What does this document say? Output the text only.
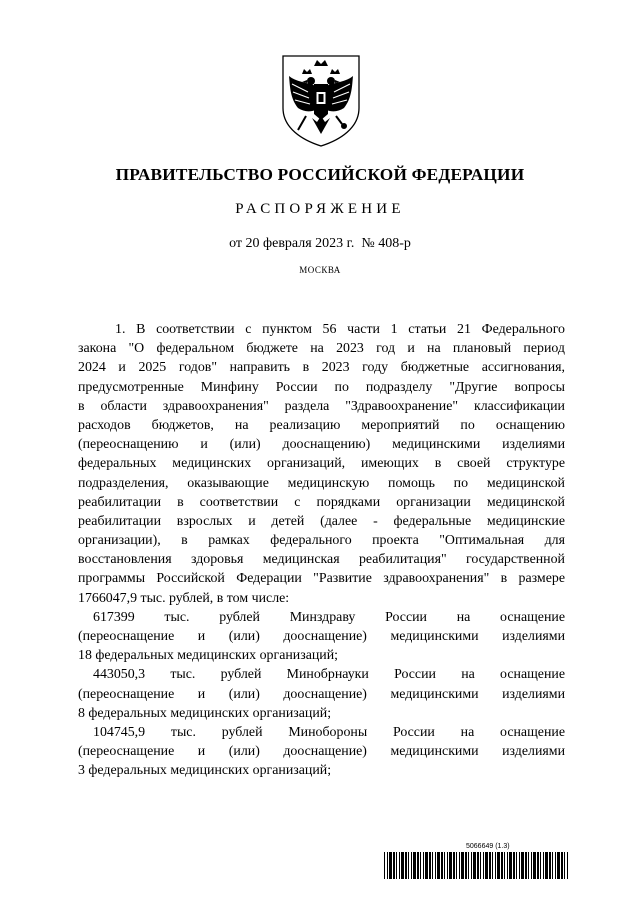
ПРАВИТЕЛЬСТВО РОССИЙСКОЙ ФЕДЕРАЦИИ
РАСПОРЯЖЕНИЕ
от 20 февраля 2023 г. № 408-р
МОСКВА
1. В соответствии с пунктом 56 части 1 статьи 21 Федерального
закона "О федеральном бюджете на 2023 год и на плановый период
2024 и 2025 годов" направить в 2023 году бюджетные ассигнования,
предусмотренные Минфину России по подразделу "Другие вопросы
в области здравоохранения" раздела "Здравоохранение" классификации
расходов бюджетов, на реализацию мероприятий по оснащению
(переоснащению и (или) дооснащению) медицинскими изделиями
федеральных медицинских организаций, имеющих в своей структуре
подразделения, оказывающие медицинскую помощь по медицинской
реабилитации в соответствии с порядками организации медицинской
реабилитации взрослых и детей (далее - федеральные медицинские
организации), в рамках федерального проекта "Оптимальная для
восстановления здоровья медицинская реабилитация" государственной
программы Российской Федерации "Развитие здравоохранения" в размере
1766047,9 тыс. рублей, в том числе:
617399 тыс. рублей Минздраву России на оснащение
(переоснащение и (или) дооснащение) медицинскими изделиями
18 федеральных медицинских организаций;
443050,3 тыс. рублей Минобрнауки России на оснащение
(переоснащение и (или) дооснащение) медицинскими изделиями
8 федеральных медицинских организаций;
104745,9 тыс. рублей Минобороны России на оснащение
(переоснащение и (или) дооснащение) медицинскими изделиями
3 федеральных медицинских организаций;
5066649 (1.3)
